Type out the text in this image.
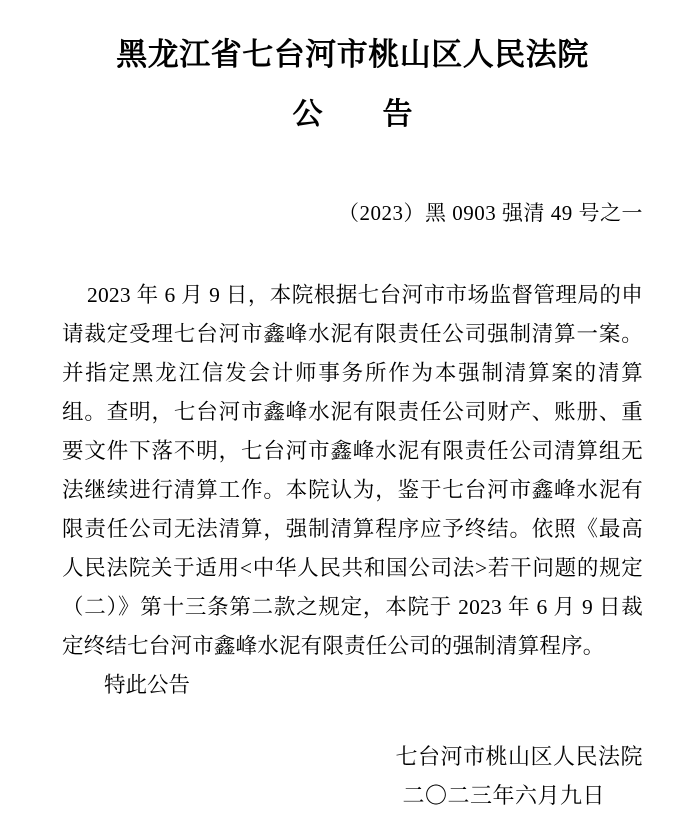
黑龙江省七台河市桃山区人民法院
公　　告
（2023）黑 0903 强清 49 号之一

2023 年 6 月 9 日，本院根据七台河市市场监督管理局的申请裁定受理七台河市鑫峰水泥有限责任公司强制清算一案。并指定黑龙江信发会计师事务所作为本强制清算案的清算组。查明，七台河市鑫峰水泥有限责任公司财产、账册、重要文件下落不明，七台河市鑫峰水泥有限责任公司清算组无法继续进行清算工作。本院认为，鉴于七台河市鑫峰水泥有限责任公司无法清算，强制清算程序应予终结。依照《最高人民法院关于适用<中华人民共和国公司法>若干问题的规定（二）》第十三条第二款之规定，本院于 2023 年 6 月 9 日裁定终结七台河市鑫峰水泥有限责任公司的强制清算程序。

特此公告

七台河市桃山区人民法院
二〇二三年六月九日
